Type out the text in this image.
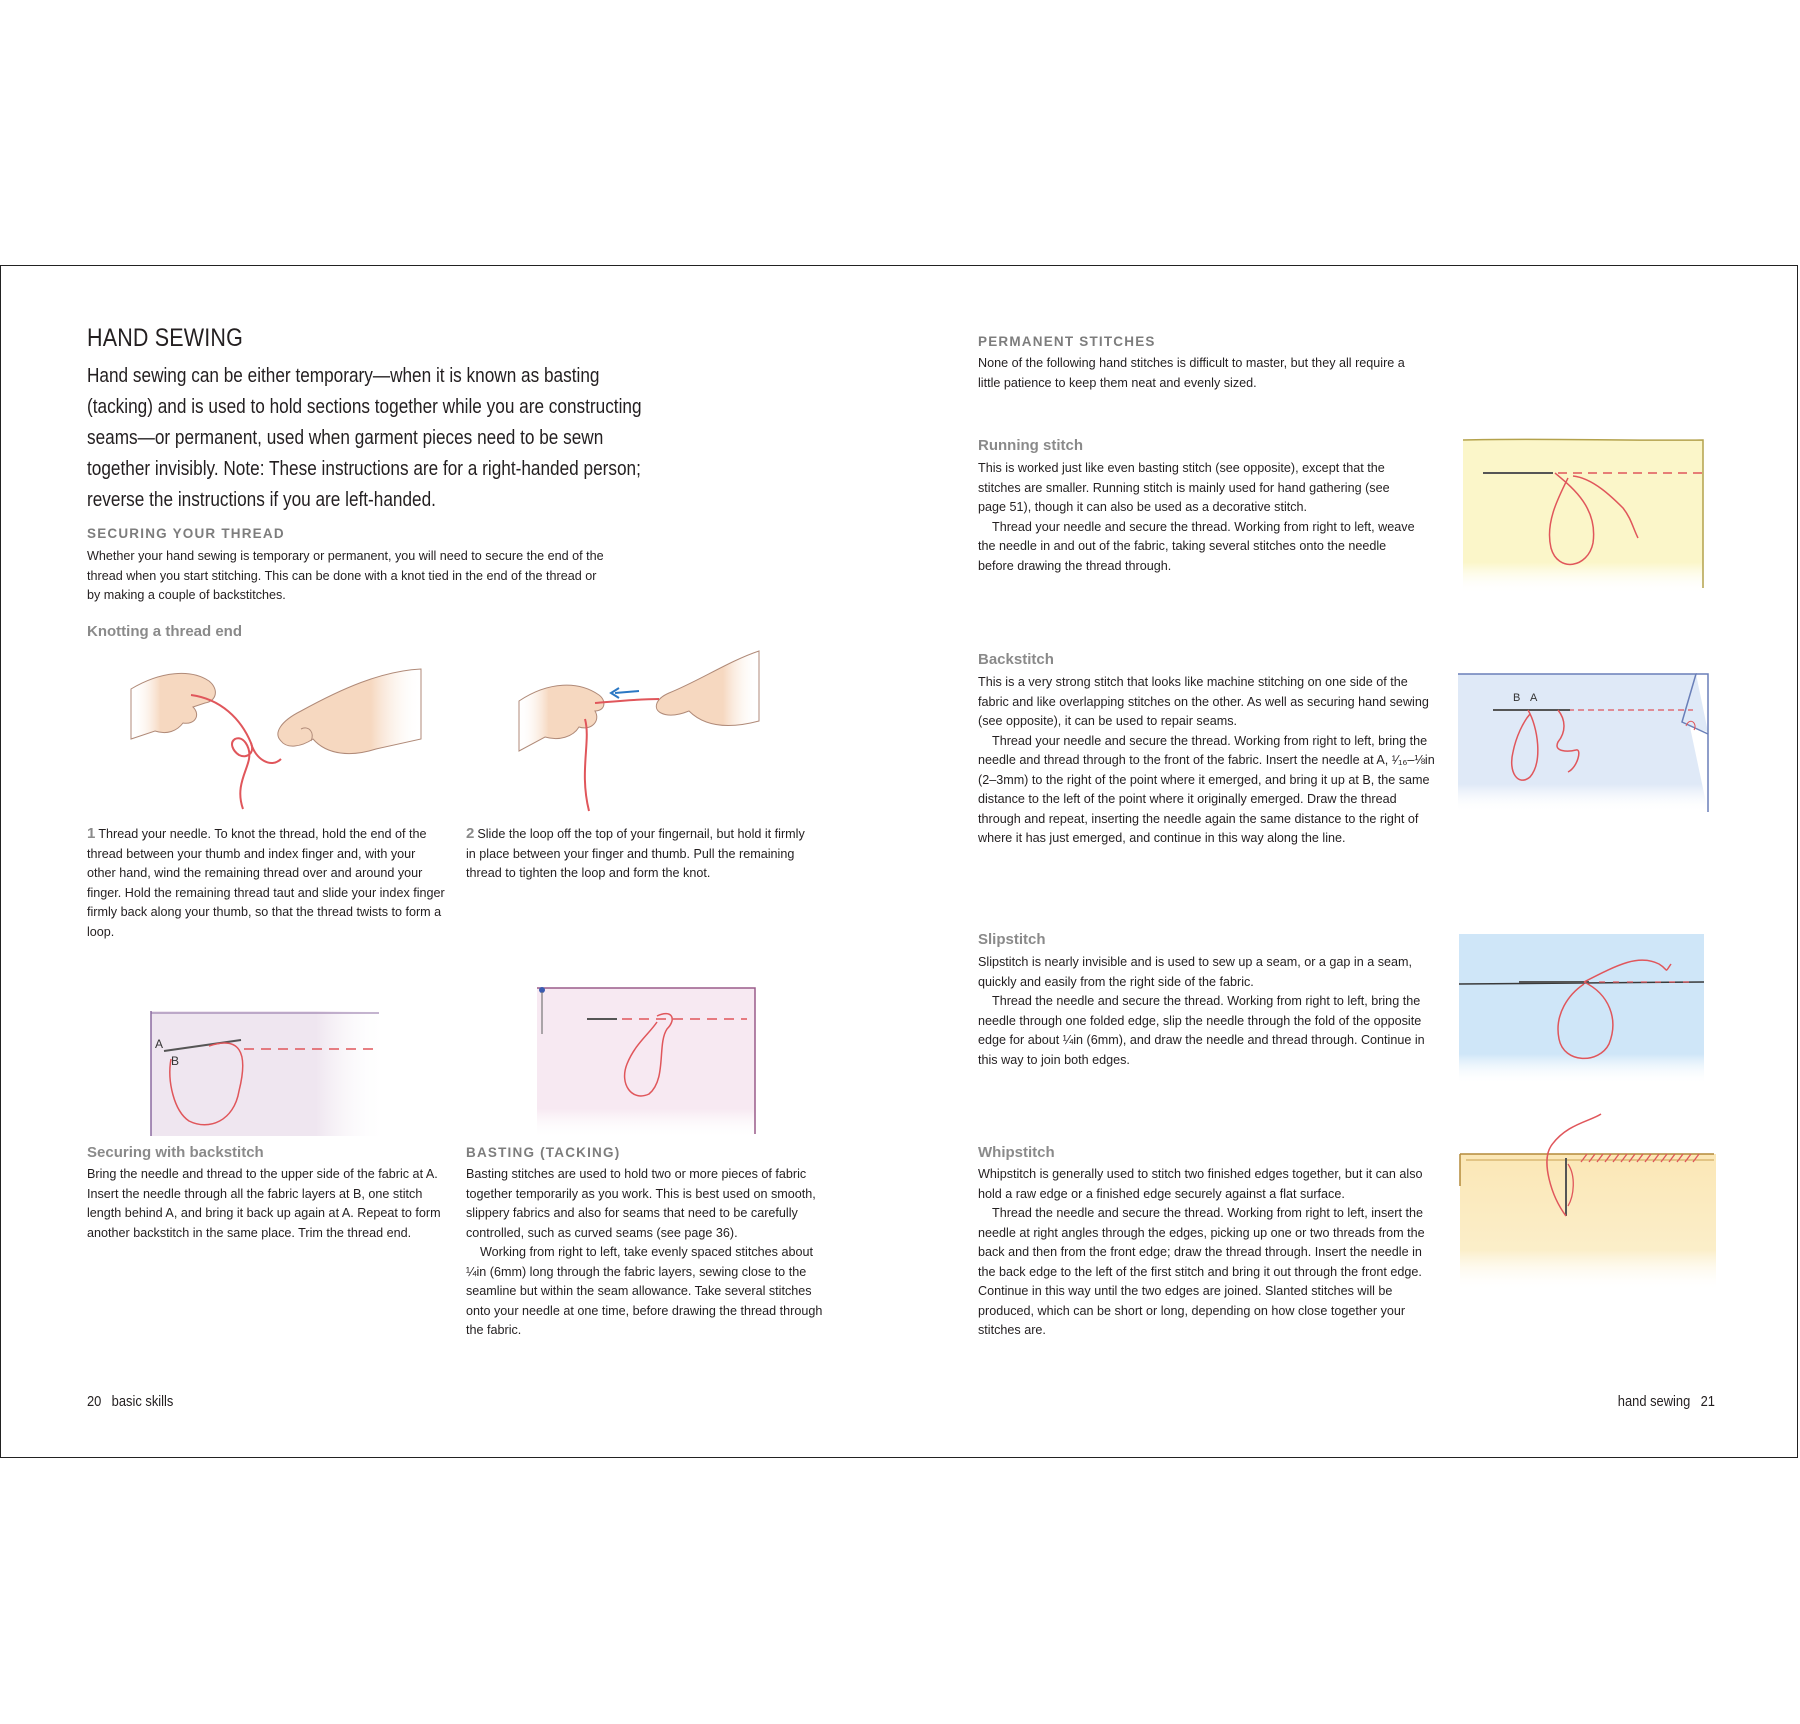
HAND SEWING
Hand sewing can be either temporary—when it is known as basting (tacking) and is used to hold sections together while you are constructing seams—or permanent, used when garment pieces need to be sewn together invisibly. Note: These instructions are for a right-handed person; reverse the instructions if you are left-handed.
SECURING YOUR THREAD
Whether your hand sewing is temporary or permanent, you will need to secure the end of the thread when you start stitching. This can be done with a knot tied in the end of the thread or by making a couple of backstitches.
Knotting a thread end
1 Thread your needle. To knot the thread, hold the end of the thread between your thumb and index finger and, with your other hand, wind the remaining thread over and around your finger. Hold the remaining thread taut and slide your index finger firmly back along your thumb, so that the thread twists to form a loop.
2 Slide the loop off the top of your fingernail, but hold it firmly in place between your finger and thumb. Pull the remaining thread to tighten the loop and form the knot.
A
B
Securing with backstitch
Bring the needle and thread to the upper side of the fabric at A. Insert the needle through all the fabric layers at B, one stitch length behind A, and bring it back up again at A. Repeat to form another backstitch in the same place. Trim the thread end.
BASTING (TACKING)

Basting stitches are used to hold two or more pieces of fabric together temporarily as you work. This is best used on smooth, slippery fabrics and also for seams that need to be carefully controlled, such as curved seams (see page 36).

Working from right to left, take evenly spaced stitches about ¼in (6mm) long through the fabric layers, sewing close to the seamline but within the seam allowance. Take several stitches onto your needle at one time, before drawing the thread through the fabric.

20 basic skills
PERMANENT STITCHES
None of the following hand stitches is difficult to master, but they all require a little patience to keep them neat and evenly sized.
Running stitch

This is worked just like even basting stitch (see opposite), except that the stitches are smaller. Running stitch is mainly used for hand gathering (see page 51), though it can also be used as a decorative stitch.

Thread your needle and secure the thread. Working from right to left, weave the needle in and out of the fabric, taking several stitches onto the needle before drawing the thread through.

Backstitch

This is a very strong stitch that looks like machine stitching on one side of the fabric and like overlapping stitches on the other. As well as securing hand sewing (see opposite), it can be used to repair seams.

Thread your needle and secure the thread. Working from right to left, bring the needle and thread through to the front of the fabric. Insert the needle at A, ¹⁄₁₆–⅛in (2–3mm) to the right of the point where it emerged, and bring it up at B, the same distance to the left of the point where it originally emerged. Draw the thread through and repeat, inserting the needle again the same distance to the right of where it has just emerged, and continue in this way along the line.

B A
Slipstitch

Slipstitch is nearly invisible and is used to sew up a seam, or a gap in a seam, quickly and easily from the right side of the fabric.

Thread the needle and secure the thread. Working from right to left, bring the needle through one folded edge, slip the needle through the fold of the opposite edge for about ¼in (6mm), and draw the needle and thread through. Continue in this way to join both edges.

Whipstitch

Whipstitch is generally used to stitch two finished edges together, but it can also hold a raw edge or a finished edge securely against a flat surface.

Thread the needle and secure the thread. Working from right to left, insert the needle at right angles through the edges, picking up one or two threads from the back and then from the front edge; draw the thread through. Insert the needle in the back edge to the left of the first stitch and bring it out through the front edge. Continue in this way until the two edges are joined. Slanted stitches will be produced, which can be short or long, depending on how close together your stitches are.

hand sewing 21
